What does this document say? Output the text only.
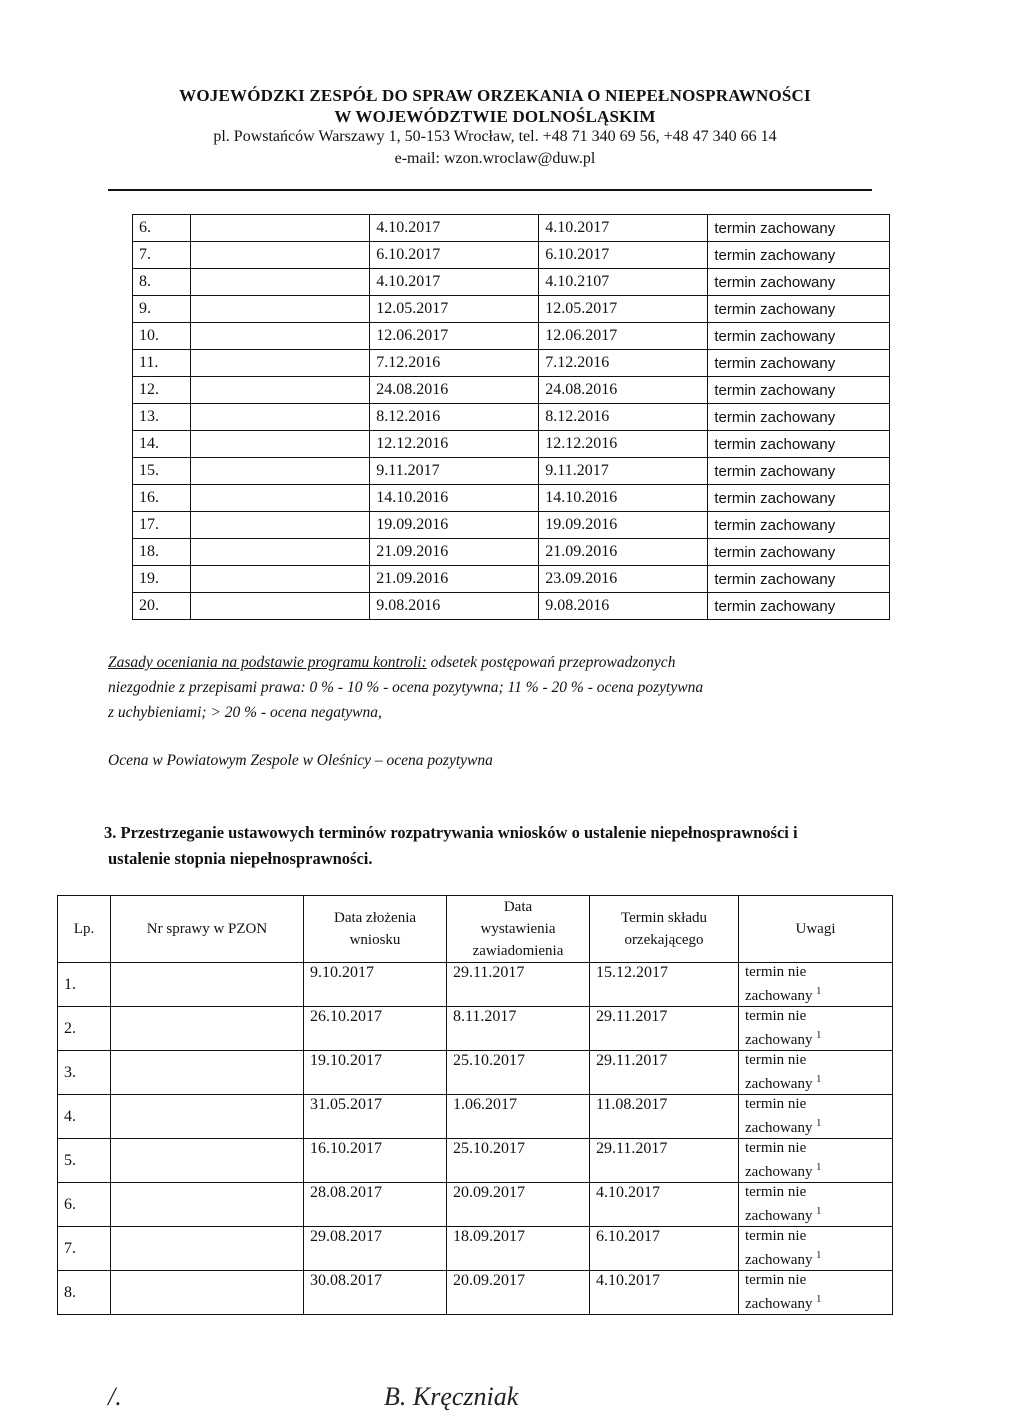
WOJEWÓDZKI ZESPÓŁ DO SPRAW ORZEKANIA O NIEPEŁNOSPRAWNOŚCI
W WOJEWÓDZTWIE DOLNOŚLĄSKIM
pl. Powstańców Warszawy 1, 50-153 Wrocław, tel. +48 71 340 69 56, +48 47 340 66 14
e-mail: wzon.wroclaw@duw.pl
6.		4.10.2017	4.10.2017	termin zachowany
7.		6.10.2017	6.10.2017	termin zachowany
8.		4.10.2017	4.10.2107	termin zachowany
9.		12.05.2017	12.05.2017	termin zachowany
10.		12.06.2017	12.06.2017	termin zachowany
11.		7.12.2016	7.12.2016	termin zachowany
12.		24.08.2016	24.08.2016	termin zachowany
13.		8.12.2016	8.12.2016	termin zachowany
14.		12.12.2016	12.12.2016	termin zachowany
15.		9.11.2017	9.11.2017	termin zachowany
16.		14.10.2016	14.10.2016	termin zachowany
17.		19.09.2016	19.09.2016	termin zachowany
18.		21.09.2016	21.09.2016	termin zachowany
19.		21.09.2016	23.09.2016	termin zachowany
20.		9.08.2016	9.08.2016	termin zachowany
Zasady oceniania na podstawie programu kontroli: odsetek postępowań przeprowadzonych
niezgodnie z przepisami prawa: 0 % - 10 % - ocena pozytywna; 11 % - 20 % - ocena pozytywna
z uchybieniami; > 20 % - ocena negatywna,
Ocena w Powiatowym Zespole w Oleśnicy – ocena pozytywna
3. Przestrzeganie ustawowych terminów rozpatrywania wniosków o ustalenie niepełnosprawności i
ustalenie stopnia niepełnosprawności.
Lp.	Nr sprawy w PZON	Data złożenia
wniosku	Data
wystawienia
zawiadomienia	Termin składu
orzekającego	Uwagi
1.		9.10.2017	29.11.2017	15.12.2017	termin nie
zachowany $^1$
2.		26.10.2017	8.11.2017	29.11.2017	termin nie
zachowany $^1$
3.		19.10.2017	25.10.2017	29.11.2017	termin nie
zachowany $^1$
4.		31.05.2017	1.06.2017	11.08.2017	termin nie
zachowany $^1$
5.		16.10.2017	25.10.2017	29.11.2017	termin nie
zachowany $^1$
6.		28.08.2017	20.09.2017	4.10.2017	termin nie
zachowany $^1$
7.		29.08.2017	18.09.2017	6.10.2017	termin nie
zachowany $^1$
8.		30.08.2017	20.09.2017	4.10.2017	termin nie
zachowany $^1$
/.	B. Kręczniak
